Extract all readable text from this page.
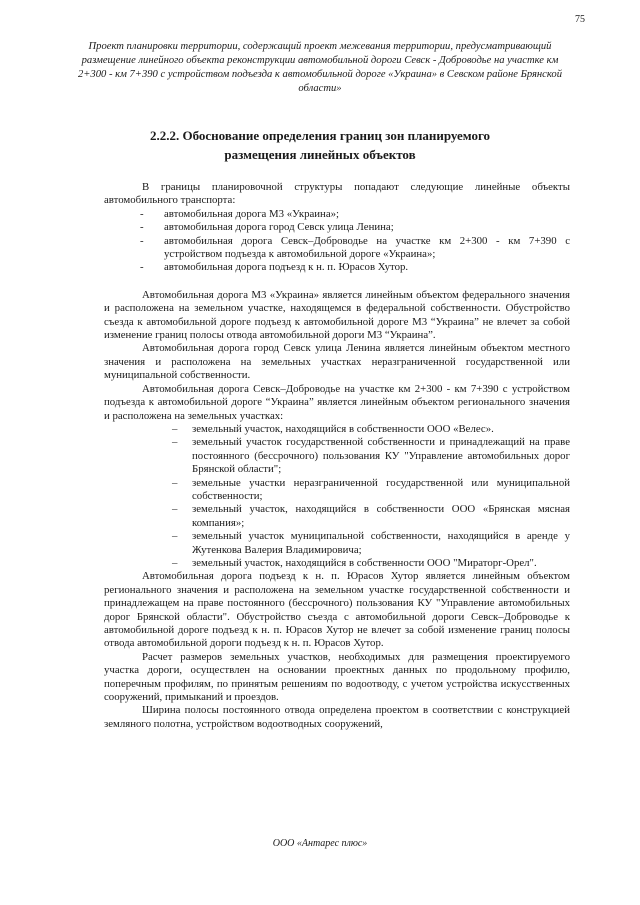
75
Проект планировки территории, содержащий проект межевания территории, предусматривающий размещение линейного объекта реконструкции автомобильной дороги Севск - Доброводье на участке км 2+300 - км 7+390 с устройством подъезда к автомобильной дороге «Украина» в Севском районе Брянской области»
2.2.2. Обоснование определения границ зон планируемого размещения линейных объектов

В границы планировочной структуры попадают следующие линейные объекты автомобильного транспорта:

- автомобильная дорога М3 «Украина»;
- автомобильная дорога город Севск улица Ленина;
- автомобильная дорога Севск–Доброводье на участке км 2+300 - км 7+390 с устройством подъезда к автомобильной дороге «Украина»;
- автомобильная дорога подъезд к н. п. Юрасов Хутор.

Автомобильная дорога М3 «Украина» является линейным объектом федерального значения и расположена на земельном участке, находящемся в федеральной собственности. Обустройство съезда к автомобильной дороге подъезд к автомобильной дороге М3 “Украина” не влечет за собой изменение границ полосы отвода автомобильной дороги М3 “Украина”.

Автомобильная дорога город Севск улица Ленина является линейным объектом местного значения и расположена на земельных участках неразграниченной государственной или муниципальной собственности.

Автомобильная дорога Севск–Доброводье на участке км 2+300 - км 7+390 с устройством подъезда к автомобильной дороге “Украина” является линейным объектом регионального значения и расположена на земельных участках:

– земельный участок, находящийся в собственности ООО «Велес».
– земельный участок государственной собственности и принадлежащий на праве постоянного (бессрочного) пользования КУ "Управление автомобильных дорог Брянской области";
– земельные участки неразграниченной государственной или муниципальной собственности;
– земельный участок, находящийся в собственности ООО «Брянская мясная компания»;
– земельный участок муниципальной собственности, находящийся в аренде у Жутенкова Валерия Владимировича;
– земельный участок, находящийся в собственности ООО "Мираторг-Орел".

Автомобильная дорога подъезд к н. п. Юрасов Хутор является линейным объектом регионального значения и расположена на земельном участке государственной собственности и принадлежащем на праве постоянного (бессрочного) пользования КУ "Управление автомобильных дорог Брянской области". Обустройство съезда с автомобильной дороги Севск–Доброводье к автомобильной дороге подъезд к н. п. Юрасов Хутор не влечет за собой изменение границ полосы отвода автомобильной дороги подъезд к н. п. Юрасов Хутор.

Расчет размеров земельных участков, необходимых для размещения проектируемого участка дороги, осуществлен на основании проектных данных по продольному профилю, поперечным профилям, по принятым решениям по водоотводу, с учетом устройства искусственных сооружений, примыканий и проездов.

Ширина полосы постоянного отвода определена проектом в соответствии с конструкцией земляного полотна, устройством водоотводных сооружений,

ООО «Антарес плюс»
